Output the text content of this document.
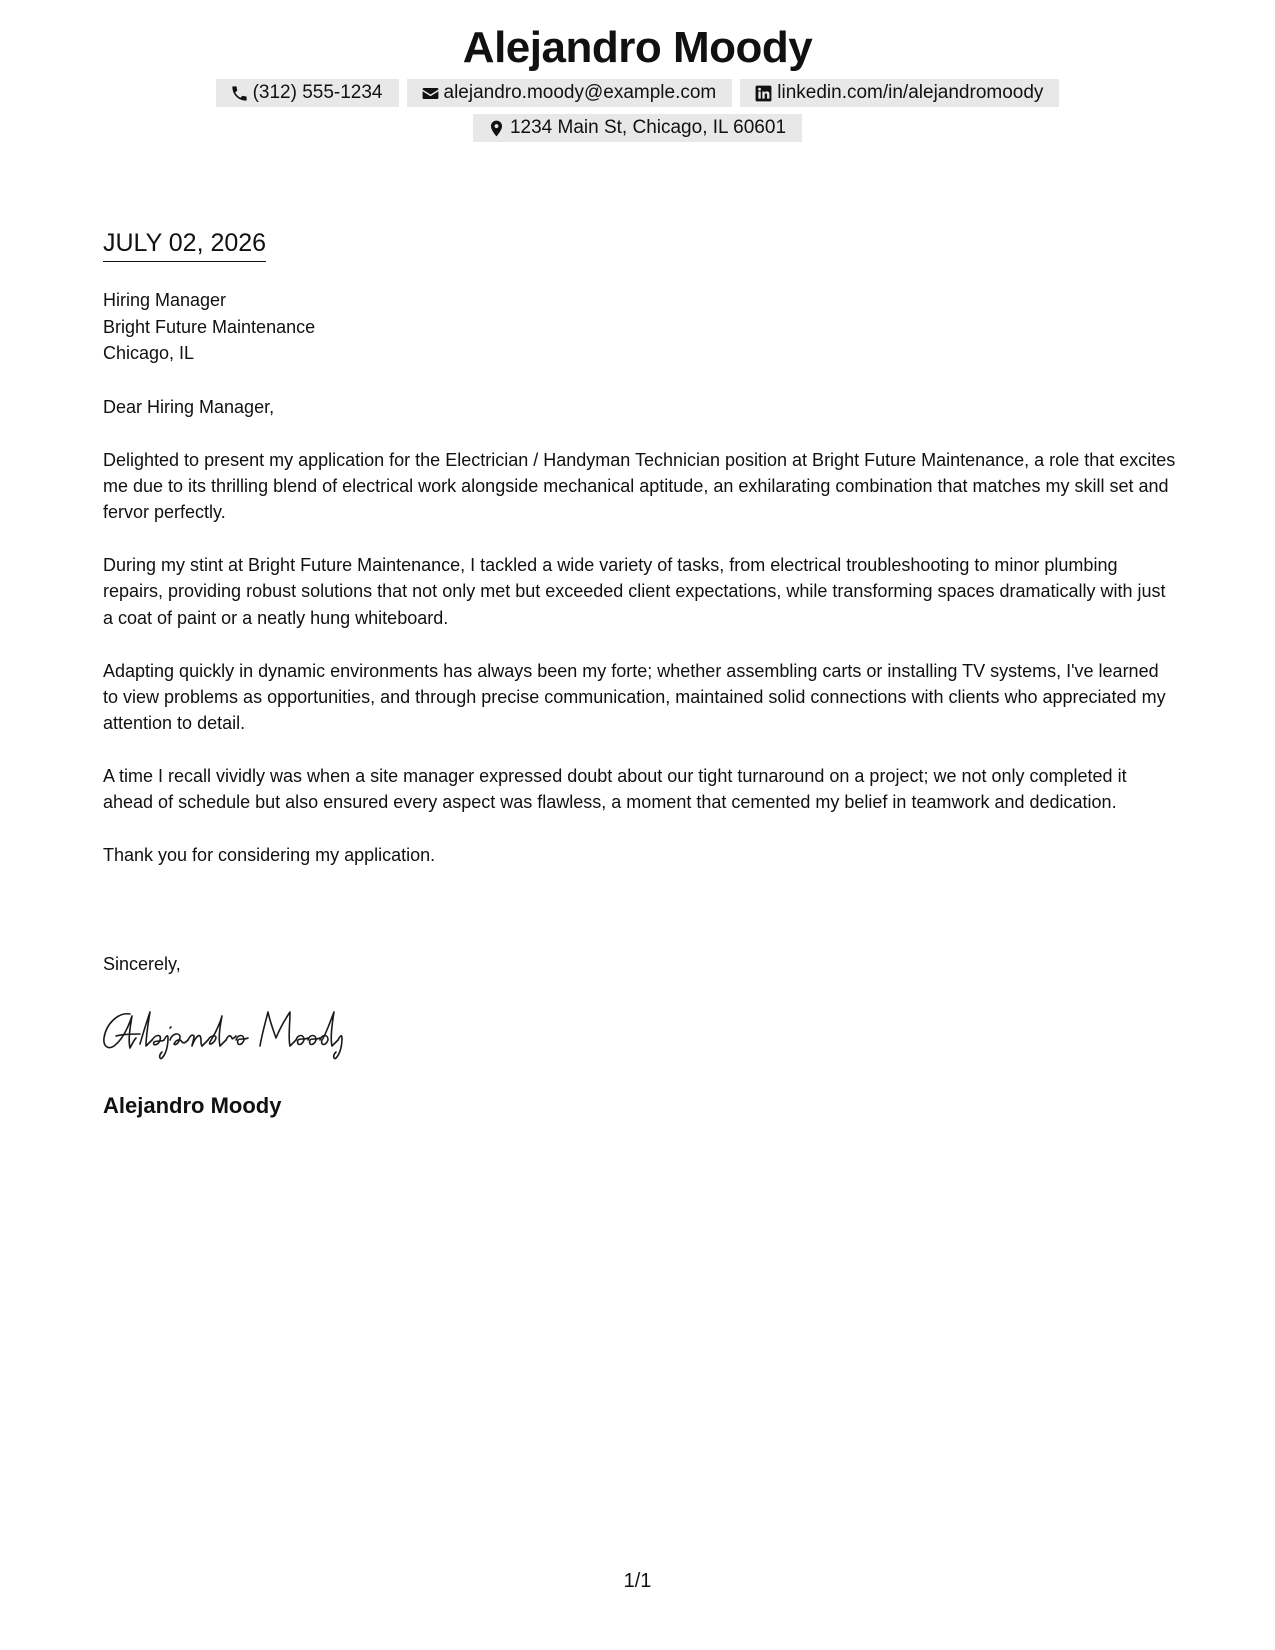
Alejandro Moody
(312) 555-1234	alejandro.moody@example.com	linkedin.com/in/alejandromoody
1234 Main St, Chicago, IL 60601
JULY 02, 2026
Hiring Manager
Bright Future Maintenance
Chicago, IL

Dear Hiring Manager,

Delighted to present my application for the Electrician / Handyman Technician position at Bright Future Maintenance, a role that excites me due to its thrilling blend of electrical work alongside mechanical aptitude, an exhilarating combination that matches my skill set and fervor perfectly.

During my stint at Bright Future Maintenance, I tackled a wide variety of tasks, from electrical troubleshooting to minor plumbing repairs, providing robust solutions that not only met but exceeded client expectations, while transforming spaces dramatically with just a coat of paint or a neatly hung whiteboard.

Adapting quickly in dynamic environments has always been my forte; whether assembling carts or installing TV systems, I've learned to view problems as opportunities, and through precise communication, maintained solid connections with clients who appreciated my attention to detail.

A time I recall vividly was when a site manager expressed doubt about our tight turnaround on a project; we not only completed it ahead of schedule but also ensured every aspect was flawless, a moment that cemented my belief in teamwork and dedication.

Thank you for considering my application.

Sincerely,
Alejandro Moody
1/1
